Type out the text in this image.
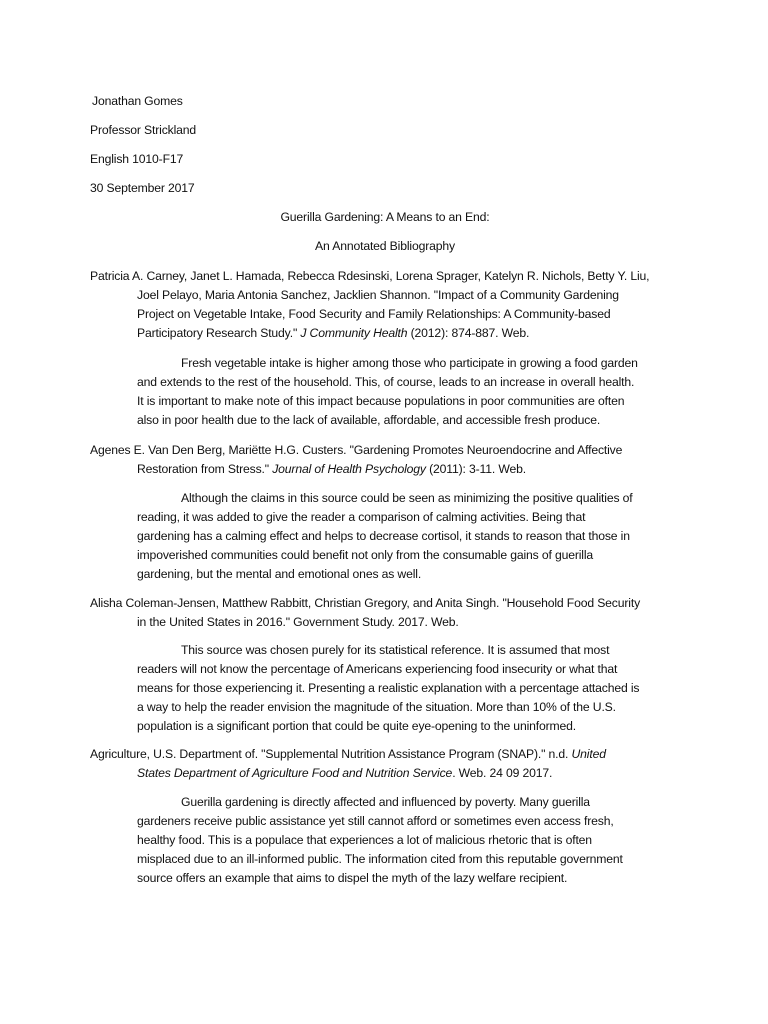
Jonathan Gomes
Professor Strickland
English 1010-F17
30 September 2017
Guerilla Gardening: A Means to an End:
An Annotated Bibliography
Patricia A. Carney, Janet L. Hamada, Rebecca Rdesinski, Lorena Sprager, Katelyn R. Nichols, Betty Y. Liu,
Joel Pelayo, Maria Antonia Sanchez, Jacklien Shannon. "Impact of a Community Gardening
Project on Vegetable Intake, Food Security and Family Relationships: A Community-based
Participatory Research Study." J Community Health (2012): 874-887. Web.
Fresh vegetable intake is higher among those who participate in growing a food garden
and extends to the rest of the household. This, of course, leads to an increase in overall health.
It is important to make note of this impact because populations in poor communities are often
also in poor health due to the lack of available, affordable, and accessible fresh produce.
Agenes E. Van Den Berg, Mariëtte H.G. Custers. "Gardening Promotes Neuroendocrine and Affective
Restoration from Stress." Journal of Health Psychology (2011): 3-11. Web.
Although the claims in this source could be seen as minimizing the positive qualities of
reading, it was added to give the reader a comparison of calming activities. Being that
gardening has a calming effect and helps to decrease cortisol, it stands to reason that those in
impoverished communities could benefit not only from the consumable gains of guerilla
gardening, but the mental and emotional ones as well.
Alisha Coleman-Jensen, Matthew Rabbitt, Christian Gregory, and Anita Singh. "Household Food Security
in the United States in 2016." Government Study. 2017. Web.
This source was chosen purely for its statistical reference. It is assumed that most
readers will not know the percentage of Americans experiencing food insecurity or what that
means for those experiencing it. Presenting a realistic explanation with a percentage attached is
a way to help the reader envision the magnitude of the situation. More than 10% of the U.S.
population is a significant portion that could be quite eye-opening to the uninformed.
Agriculture, U.S. Department of. "Supplemental Nutrition Assistance Program (SNAP)." n.d. United
States Department of Agriculture Food and Nutrition Service. Web. 24 09 2017.
Guerilla gardening is directly affected and influenced by poverty. Many guerilla
gardeners receive public assistance yet still cannot afford or sometimes even access fresh,
healthy food. This is a populace that experiences a lot of malicious rhetoric that is often
misplaced due to an ill-informed public. The information cited from this reputable government
source offers an example that aims to dispel the myth of the lazy welfare recipient.
